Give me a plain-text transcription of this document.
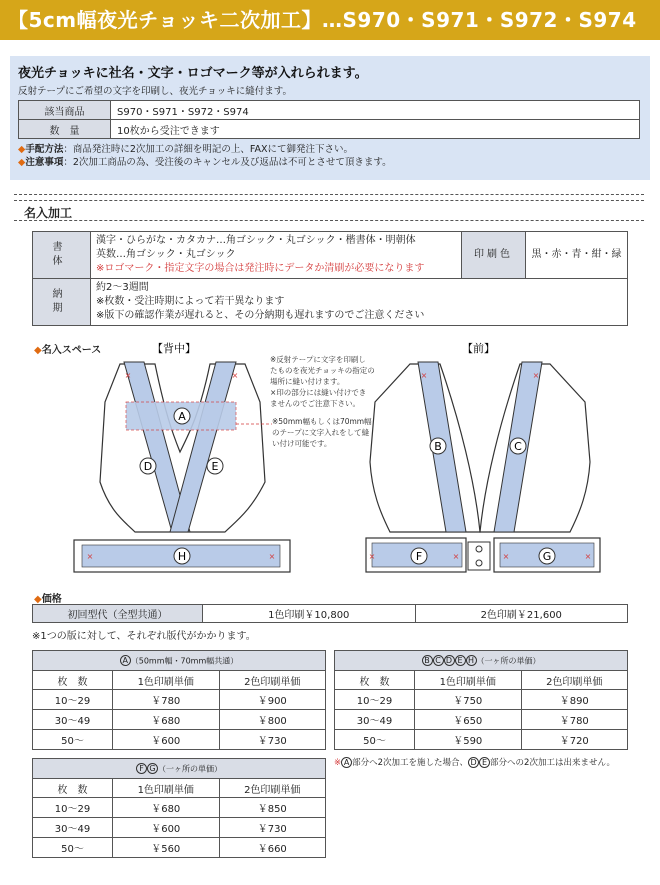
【5cm幅夜光チョッキ二次加工】…S970・S971・S972・S974
夜光チョッキに社名・文字・ロゴマーク等が入れられます。
反射テープにご希望の文字を印刷し、夜光チョッキに縫付ます。
該当商品	S970・S971・S972・S974
数　量	10枚から受注できます
◆手配方法：商品発注時に2次加工の詳細を明記の上、FAXにて御発注下さい。
◆注意事項：2次加工商品の為、受注後のキャンセル及び返品は不可とさせて頂きます。
名入加工
書　体	漢字・ひらがな・カタカナ…角ゴシック・丸ゴシック・楷書体・明朝体
英数…角ゴシック・丸ゴシック
※ロゴマーク・指定文字の場合は発注時にデータか清刷が必要になります	印刷色	黒・赤・青・紺・緑
納　期	約2～3週間
※枚数・受注時期によって若干異なります
※版下の確認作業が遅れると、その分納期も遅れますのでご注意ください		
◆名入スペース	【背中】	【前】
A
D	E
H
×	×
×	×
※反射テープに文字を印刷し
たものを夜光チョッキの指定の
場所に縫い付けます。
×印の部分には縫い付けでき
ませんのでご注意下さい。
※50mm幅もしくは70mm幅
のテープに文字入れをして縫
い付け可能です。	B	C
F	G
×	×
×	×	×	×
◆価格
初回型代（全型共通）	1色印刷￥10,800	2色印刷￥21,600
※1つの版に対して、それぞれ版代がかかります。
A （50mm幅・70mm幅共通）		
枚　数	1色印刷単価	2色印刷単価
10～29	￥780	￥900
30～49	￥680	￥800
50～	￥600	￥730
B C D E H （一ヶ所の単価）		
枚　数	1色印刷単価	2色印刷単価
10～29	￥750	￥890
30～49	￥650	￥780
50～	￥590	￥720
※ A 部分へ2次加工を施した場合、 D E 部分への2次加工は出来ません。
F G （一ヶ所の単価）		
枚　数	1色印刷単価	2色印刷単価
10～29	￥680	￥850
30～49	￥600	￥730
50～	￥560	￥660
